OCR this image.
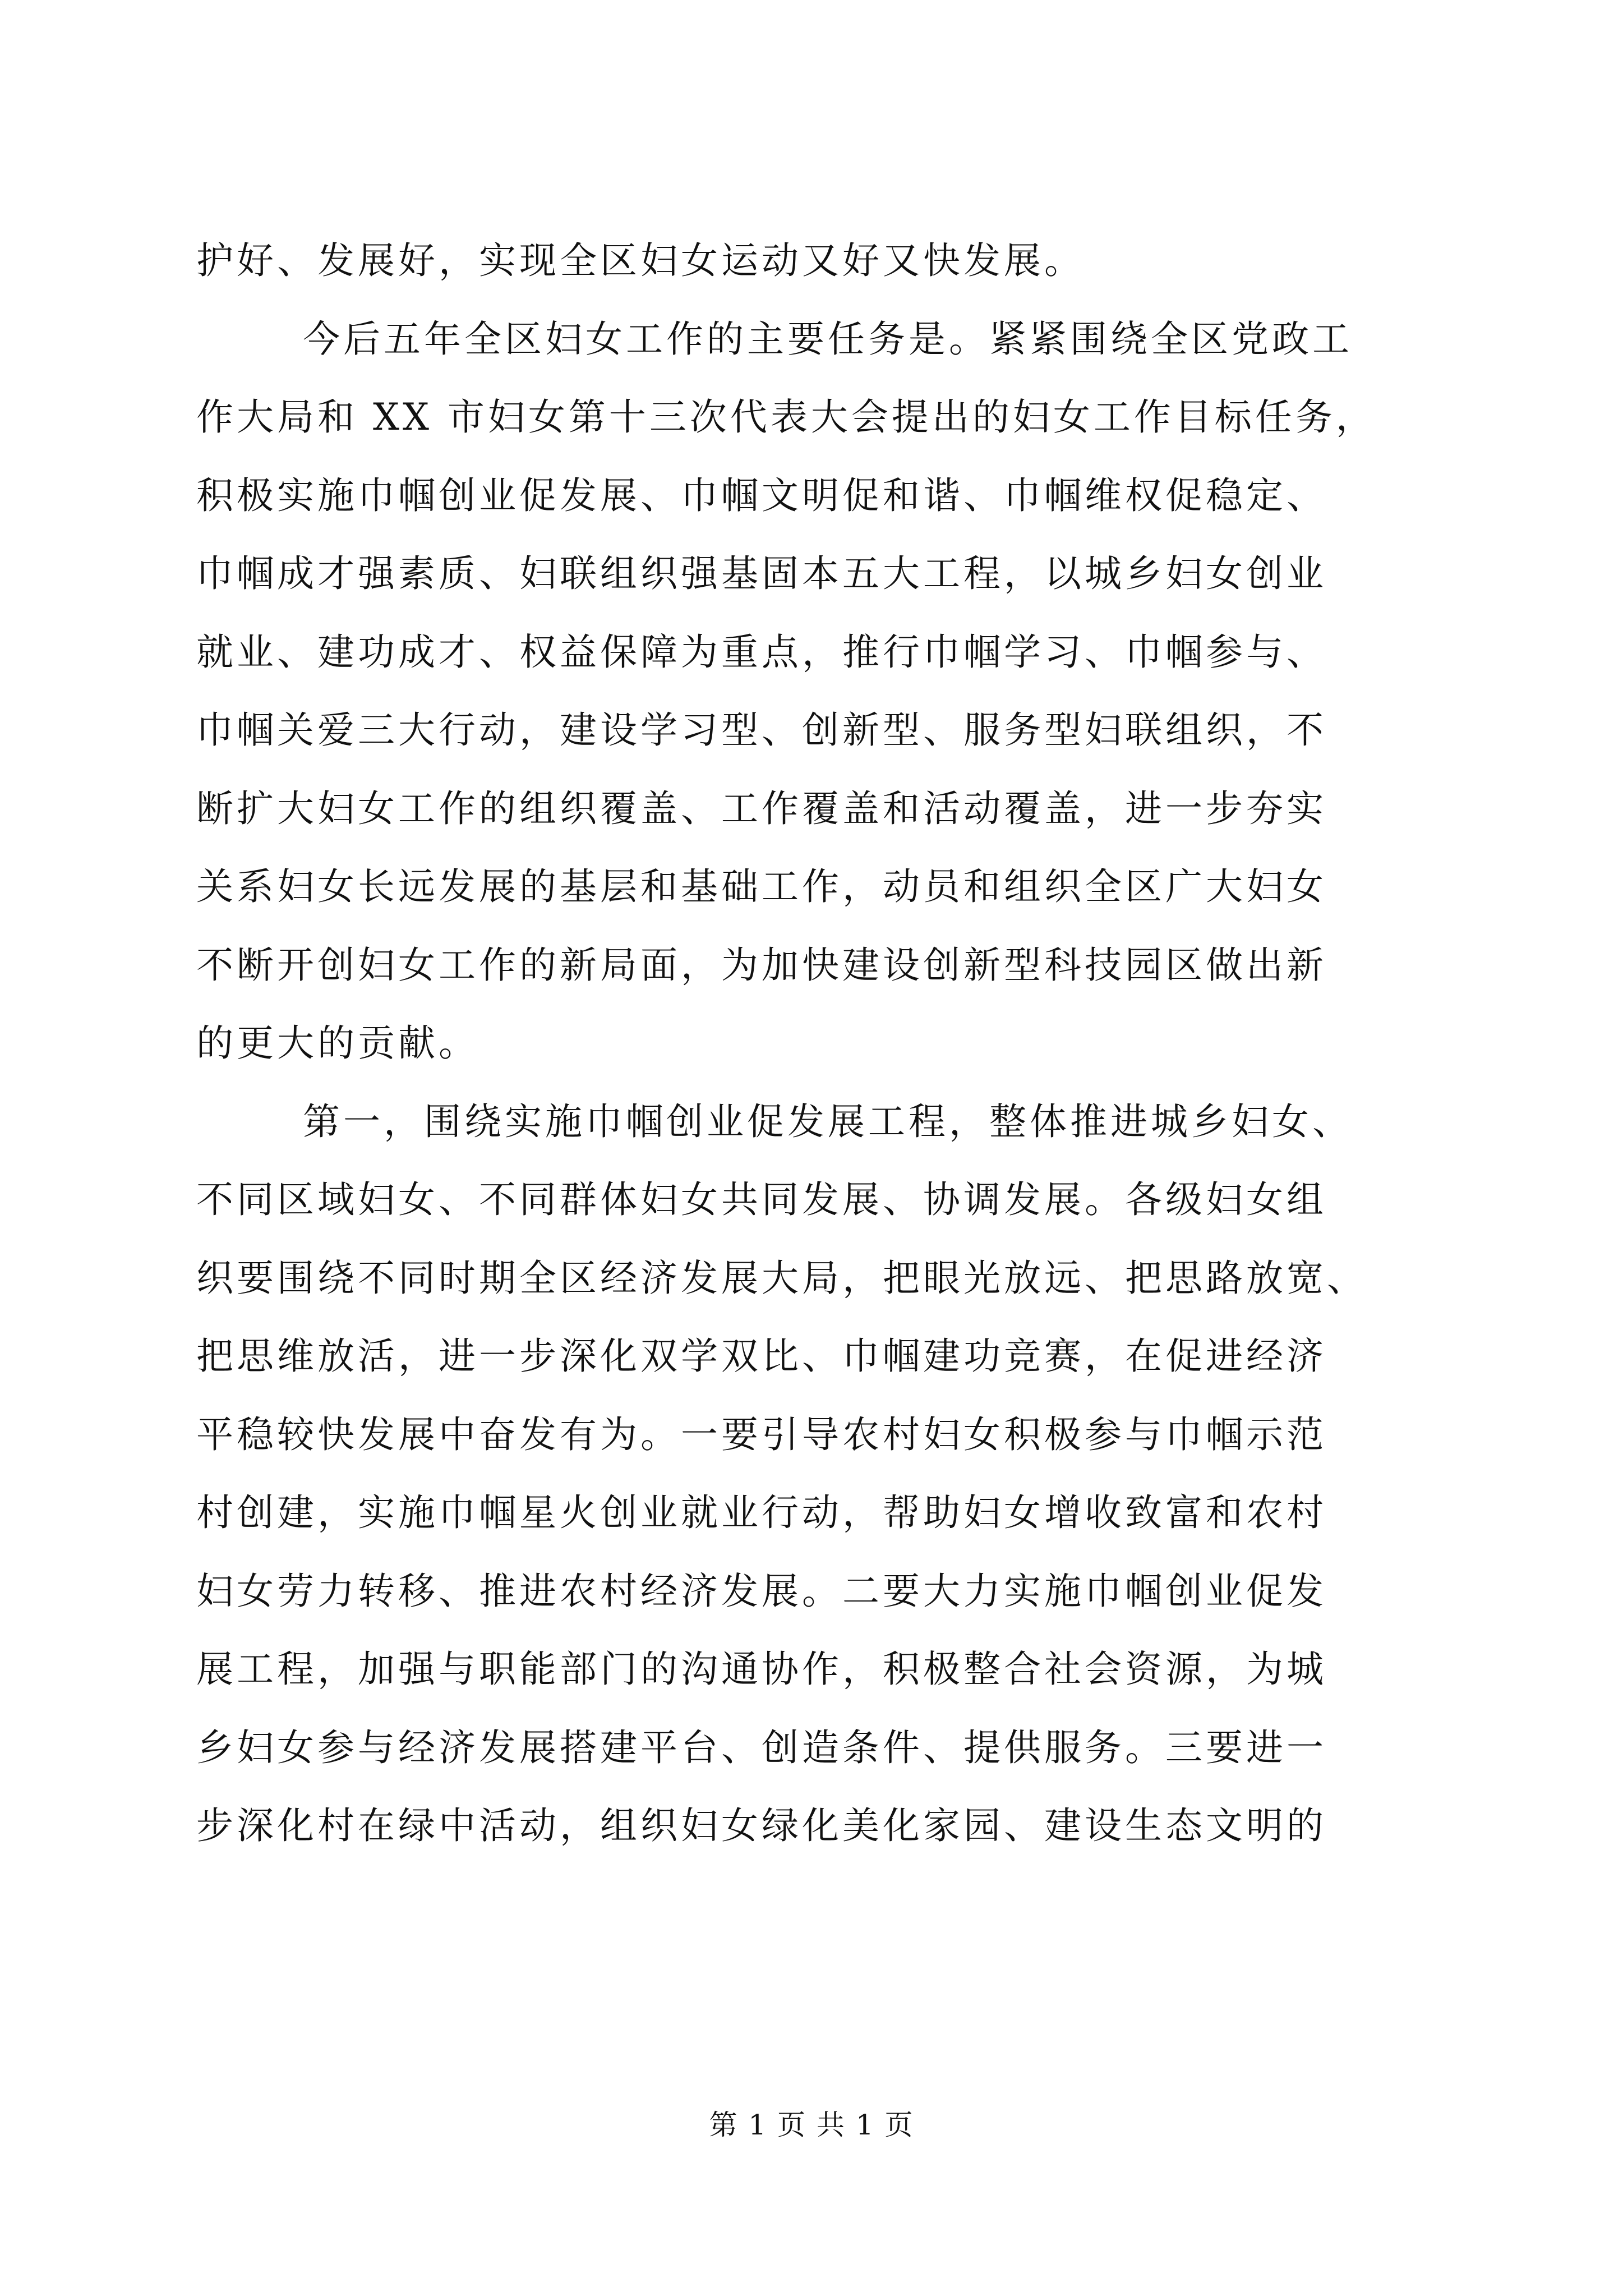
护好、发展好，实现全区妇女运动又好又快发展。
今后五年全区妇女工作的主要任务是。紧紧围绕全区党政工
作大局和 XX 市妇女第十三次代表大会提出的妇女工作目标任务，
积极实施巾帼创业促发展、巾帼文明促和谐、巾帼维权促稳定、
巾帼成才强素质、妇联组织强基固本五大工程，以城乡妇女创业
就业、建功成才、权益保障为重点，推行巾帼学习、巾帼参与、
巾帼关爱三大行动，建设学习型、创新型、服务型妇联组织，不
断扩大妇女工作的组织覆盖、工作覆盖和活动覆盖，进一步夯实
关系妇女长远发展的基层和基础工作，动员和组织全区广大妇女
不断开创妇女工作的新局面，为加快建设创新型科技园区做出新
的更大的贡献。
第一，围绕实施巾帼创业促发展工程，整体推进城乡妇女、
不同区域妇女、不同群体妇女共同发展、协调发展。各级妇女组
织要围绕不同时期全区经济发展大局，把眼光放远、把思路放宽、
把思维放活，进一步深化双学双比、巾帼建功竞赛，在促进经济
平稳较快发展中奋发有为。一要引导农村妇女积极参与巾帼示范
村创建，实施巾帼星火创业就业行动，帮助妇女增收致富和农村
妇女劳力转移、推进农村经济发展。二要大力实施巾帼创业促发
展工程，加强与职能部门的沟通协作，积极整合社会资源，为城
乡妇女参与经济发展搭建平台、创造条件、提供服务。三要进一
步深化村在绿中活动，组织妇女绿化美化家园、建设生态文明的
第 1 页 共 1 页
